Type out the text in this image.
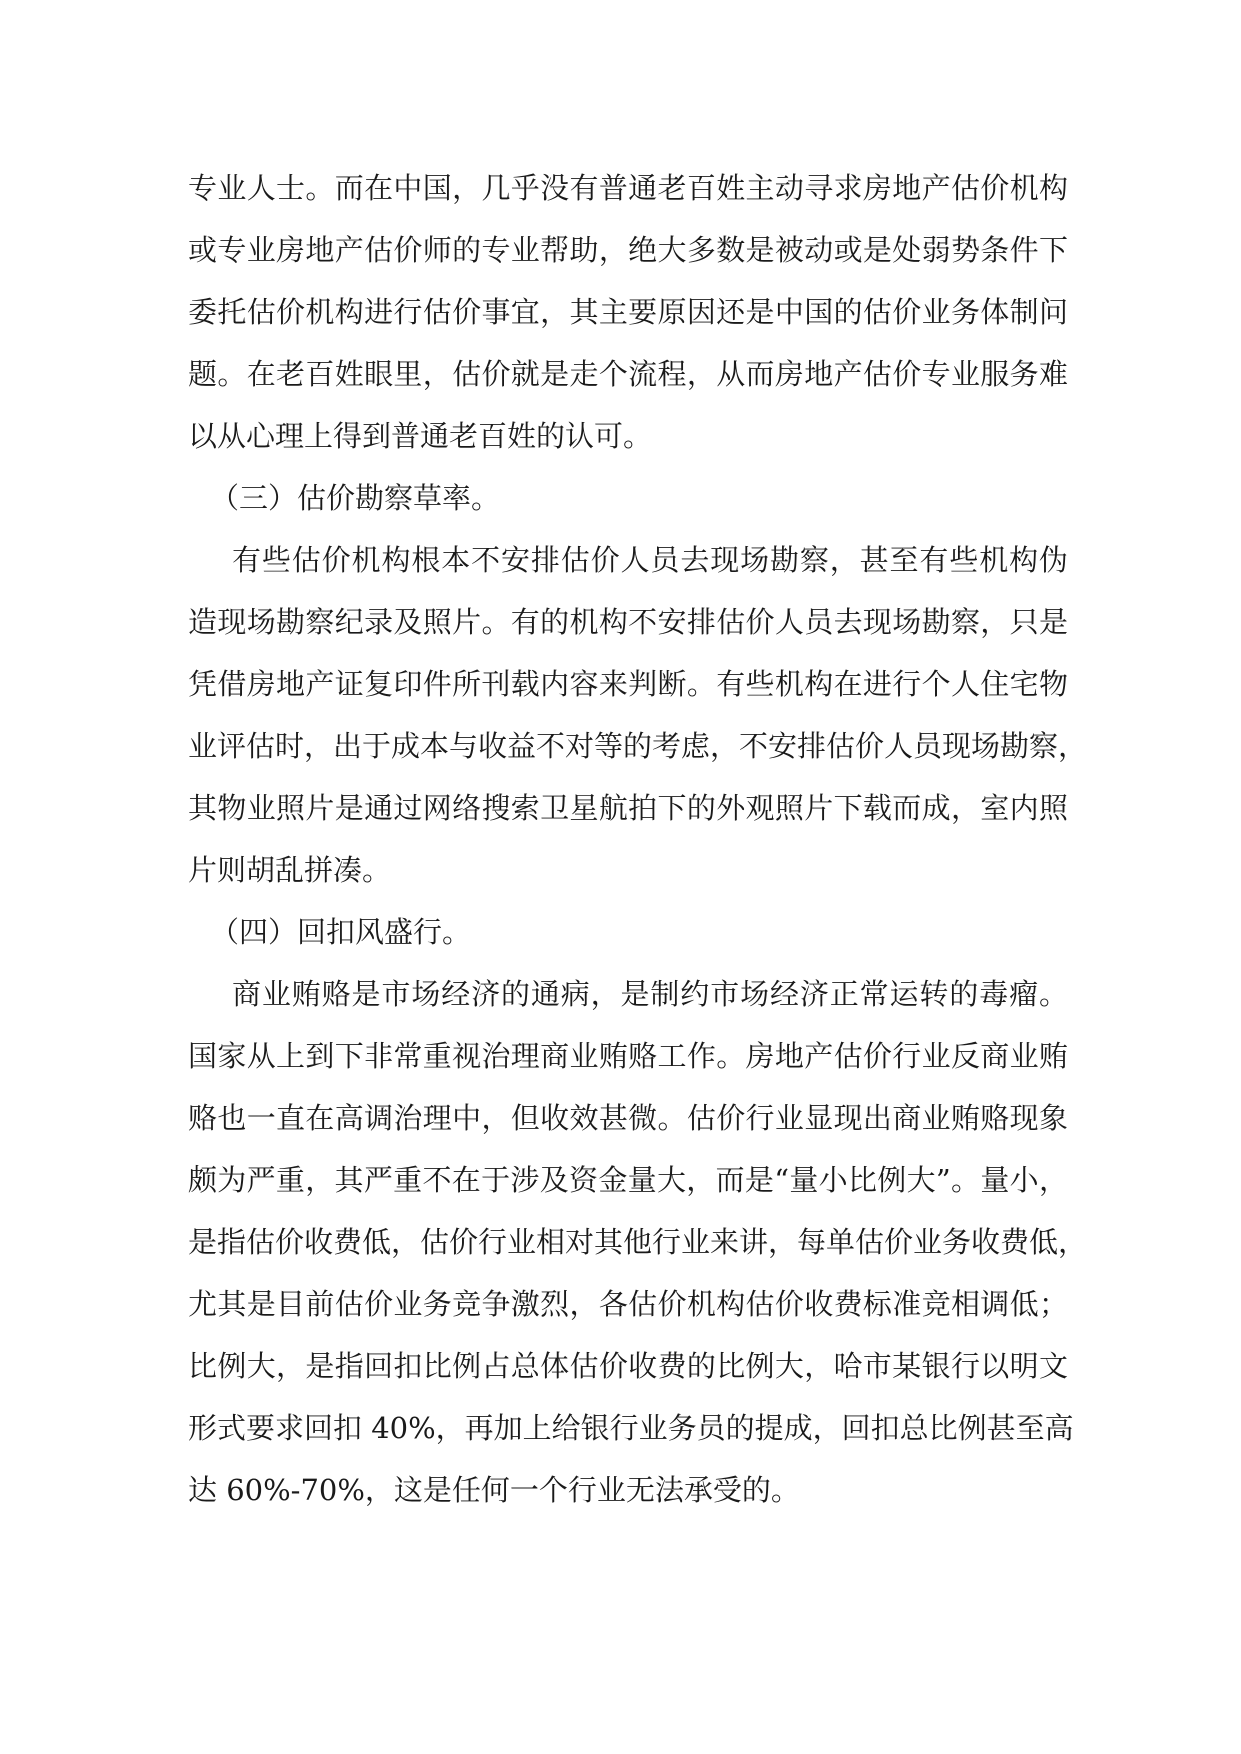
专业人士。而在中国，几乎没有普通老百姓主动寻求房地产估价机构
或专业房地产估价师的专业帮助，绝大多数是被动或是处弱势条件下
委托估价机构进行估价事宜，其主要原因还是中国的估价业务体制问
题。在老百姓眼里，估价就是走个流程，从而房地产估价专业服务难
以从心理上得到普通老百姓的认可。
（三）估价勘察草率。
有些估价机构根本不安排估价人员去现场勘察，甚至有些机构伪
造现场勘察纪录及照片。有的机构不安排估价人员去现场勘察，只是
凭借房地产证复印件所刊载内容来判断。有些机构在进行个人住宅物
业评估时，出于成本与收益不对等的考虑，不安排估价人员现场勘察，
其物业照片是通过网络搜索卫星航拍下的外观照片下载而成，室内照
片则胡乱拼凑。
（四）回扣风盛行。
商业贿赂是市场经济的通病，是制约市场经济正常运转的毒瘤。
国家从上到下非常重视治理商业贿赂工作。房地产估价行业反商业贿
赂也一直在高调治理中，但收效甚微。估价行业显现出商业贿赂现象
颇为严重，其严重不在于涉及资金量大，而是“量小比例大”。量小，
是指估价收费低，估价行业相对其他行业来讲，每单估价业务收费低，
尤其是目前估价业务竞争激烈，各估价机构估价收费标准竞相调低；
比例大，是指回扣比例占总体估价收费的比例大，哈市某银行以明文
形式要求回扣 40%，再加上给银行业务员的提成，回扣总比例甚至高
达 60%-70%，这是任何一个行业无法承受的。
